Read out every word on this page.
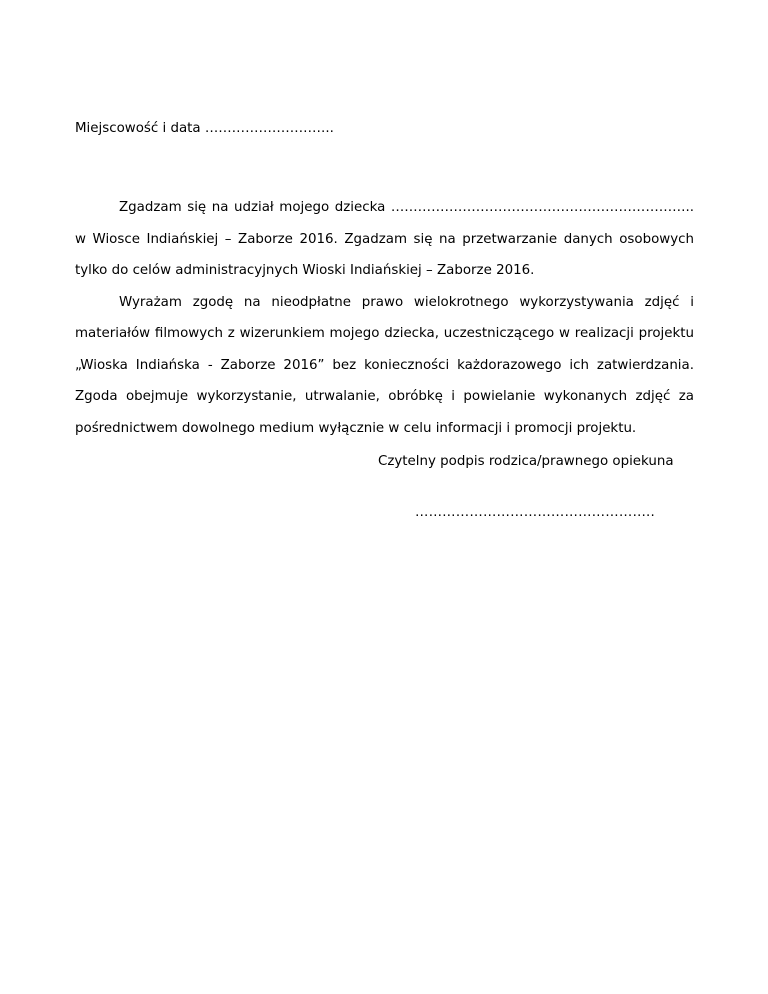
Miejscowość i data ………………………..

Zgadzam się na udział mojego dziecka ………………………………………………………….. w Wiosce Indiańskiej – Zaborze 2016. Zgadzam się na przetwarzanie danych osobowych tylko do celów administracyjnych Wioski Indiańskiej – Zaborze 2016.

Wyrażam zgodę na nieodpłatne prawo wielokrotnego wykorzystywania zdjęć i materiałów filmowych z wizerunkiem mojego dziecka, uczestniczącego w realizacji projektu „Wioska Indiańska - Zaborze 2016” bez konieczności każdorazowego ich zatwierdzania. Zgoda obejmuje wykorzystanie, utrwalanie, obróbkę i powielanie wykonanych zdjęć za pośrednictwem dowolnego medium wyłącznie w celu informacji i promocji projektu.

Czytelny podpis rodzica/prawnego opiekuna
……………………………………………..
